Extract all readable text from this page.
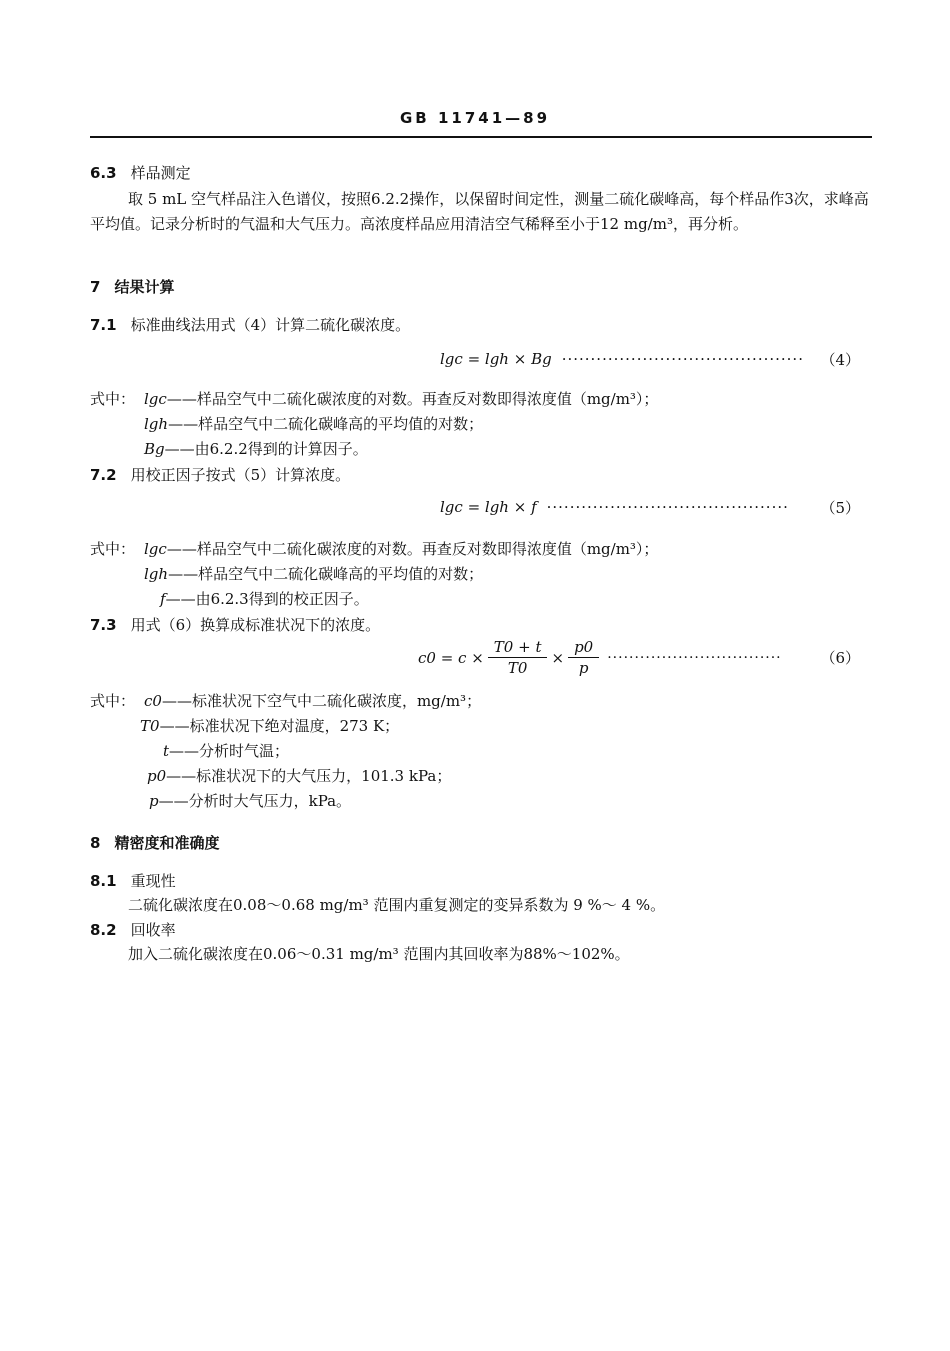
GB 11741—89
6.3 样品测定
取 5 mL 空气样品注入色谱仪，按照6.2.2操作，以保留时间定性，测量二硫化碳峰高，每个样品作3次，求峰高平均值。记录分析时的气温和大气压力。高浓度样品应用清洁空气稀释至小于12 mg/m³，再分析。
7 结果计算
7.1 标准曲线法用式（4）计算二硫化碳浓度。
lgc = lgh × Bg ·········································· （4）
式中： lgc——样品空气中二硫化碳浓度的对数。再查反对数即得浓度值（mg/m³）；
lgh——样品空气中二硫化碳峰高的平均值的对数；
Bg——由6.2.2得到的计算因子。
7.2 用校正因子按式（5）计算浓度。
lgc = lgh × f ·········································· （5）
式中： lgc——样品空气中二硫化碳浓度的对数。再查反对数即得浓度值（mg/m³）；
lgh——样品空气中二硫化碳峰高的平均值的对数；
f——由6.2.3得到的校正因子。
7.3 用式（6）换算成标准状况下的浓度。
$c0 = c \times \frac{T0 + t}{T0} \times \frac{p0}{p}$ ································	（6）
式中： c0——标准状况下空气中二硫化碳浓度，mg/m³；
T0——标准状况下绝对温度，273 K；
t——分析时气温；
p0——标准状况下的大气压力，101.3 kPa；
p——分析时大气压力，kPa。
8 精密度和准确度
8.1 重现性
二硫化碳浓度在0.08～0.68 mg/m³ 范围内重复测定的变异系数为 9 %～ 4 %。
8.2 回收率
加入二硫化碳浓度在0.06～0.31 mg/m³ 范围内其回收率为88%～102%。
